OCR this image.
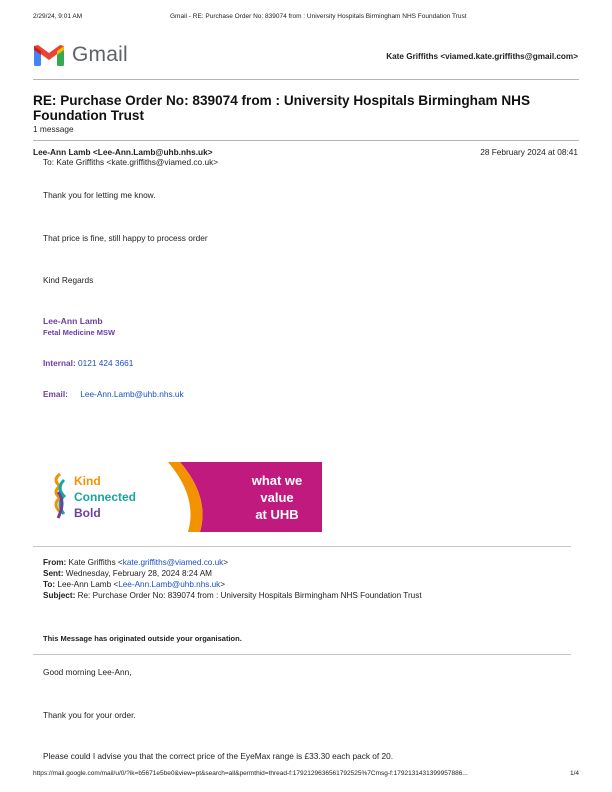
2/29/24, 9:01 AM	Gmail - RE: Purchase Order No: 839074 from : University Hospitals Birmingham NHS Foundation Trust
Gmail	Kate Griffiths <viamed.kate.griffiths@gmail.com>
RE: Purchase Order No: 839074 from : University Hospitals Birmingham NHS Foundation Trust
1 message
Lee-Ann Lamb <Lee-Ann.Lamb@uhb.nhs.uk>
To: Kate Griffiths <kate.griffiths@viamed.co.uk>
28 February 2024 at 08:41
Thank you for letting me know.
That price is fine, still happy to process order
Kind Regards
Lee-Ann Lamb
Fetal Medicine MSW
Internal: 0121 424 3661
Email: Lee-Ann.Lamb@uhb.nhs.uk
Kind
Connected
Bold
what we
value
at UHB
From: Kate Griffiths <kate.griffiths@viamed.co.uk>
Sent: Wednesday, February 28, 2024 8:24 AM
To: Lee-Ann Lamb <Lee-Ann.Lamb@uhb.nhs.uk>
Subject: Re: Purchase Order No: 839074 from : University Hospitals Birmingham NHS Foundation Trust
This Message has originated outside your organisation.
Good morning Lee-Ann,
Thank you for your order.
Please could I advise you that the correct price of the EyeMax range is £33.30 each pack of 20.
https://mail.google.com/mail/u/0/?ik=b5671e5be0&view=pt&search=all&permthid=thread-f:1792129636561792525%7Cmsg-f:1792131431399957886...	1/4
